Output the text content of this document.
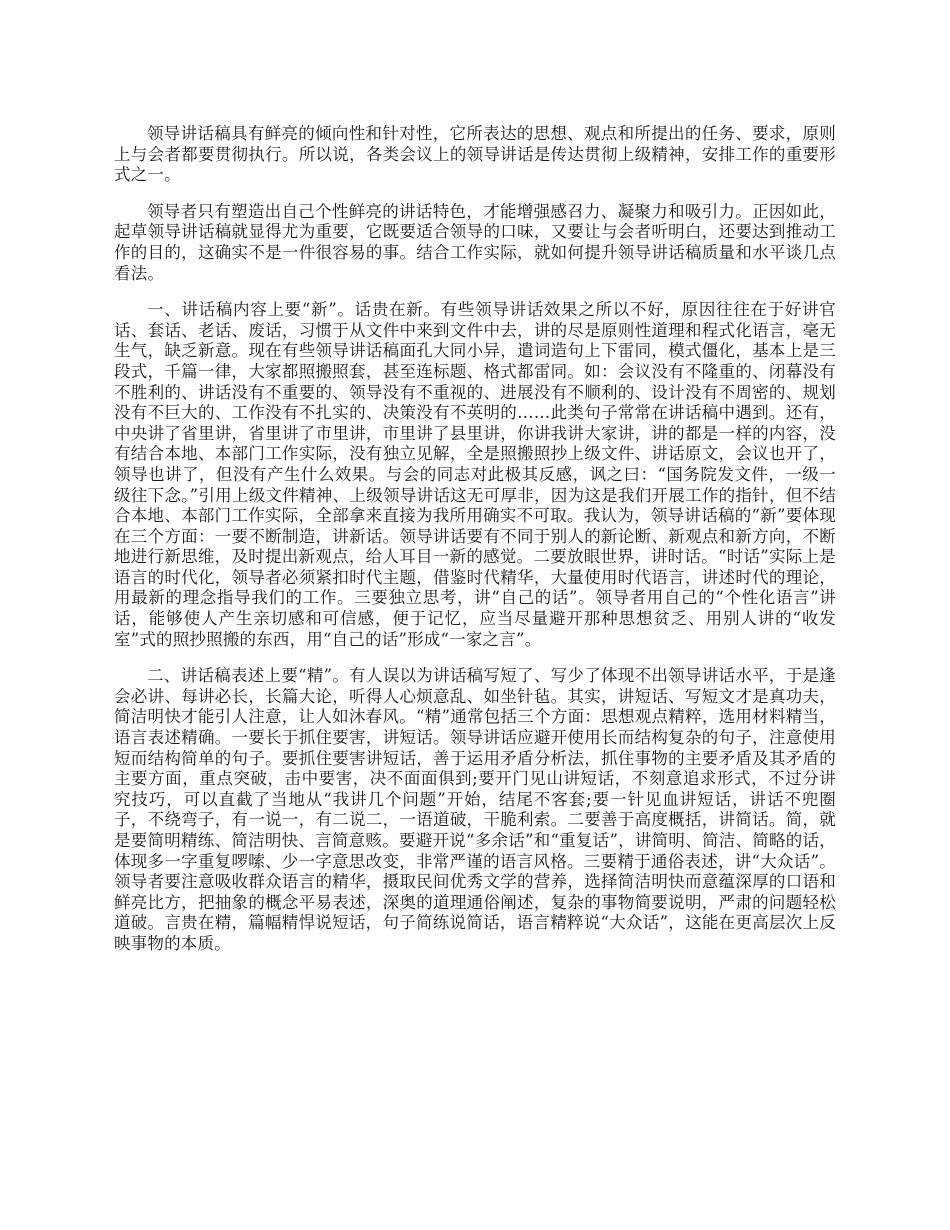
领导讲话稿具有鲜亮的倾向性和针对性，它所表达的思想、观点和所提出的任务、要求，原则上与会者都要贯彻执行。所以说，各类会议上的领导讲话是传达贯彻上级精神，安排工作的重要形式之一。

领导者只有塑造出自己个性鲜亮的讲话特色，才能增强感召力、凝聚力和吸引力。正因如此，起草领导讲话稿就显得尤为重要，它既要适合领导的口味，又要让与会者听明白，还要达到推动工作的目的，这确实不是一件很容易的事。结合工作实际，就如何提升领导讲话稿质量和水平谈几点看法。

一、讲话稿内容上要“新”。话贵在新。有些领导讲话效果之所以不好，原因往往在于好讲官话、套话、老话、废话，习惯于从文件中来到文件中去，讲的尽是原则性道理和程式化语言，毫无生气，缺乏新意。现在有些领导讲话稿面孔大同小异，遣词造句上下雷同，模式僵化，基本上是三段式，千篇一律，大家都照搬照套，甚至连标题、格式都雷同。如：会议没有不隆重的、闭幕没有不胜利的、讲话没有不重要的、领导没有不重视的、进展没有不顺利的、设计没有不周密的、规划没有不巨大的、工作没有不扎实的、决策没有不英明的……此类句子常常在讲话稿中遇到。还有，中央讲了省里讲，省里讲了市里讲，市里讲了县里讲，你讲我讲大家讲，讲的都是一样的内容，没有结合本地、本部门工作实际，没有独立见解，全是照搬照抄上级文件、讲话原文，会议也开了，领导也讲了，但没有产生什么效果。与会的同志对此极其反感，讽之曰：“国务院发文件，一级一级往下念。”引用上级文件精神、上级领导讲话这无可厚非，因为这是我们开展工作的指针，但不结合本地、本部门工作实际，全部拿来直接为我所用确实不可取。我认为，领导讲话稿的“新”要体现在三个方面：一要不断制造，讲新话。领导讲话要有不同于别人的新论断、新观点和新方向，不断地进行新思维，及时提出新观点，给人耳目一新的感觉。二要放眼世界，讲时话。“时话”实际上是语言的时代化，领导者必须紧扣时代主题，借鉴时代精华，大量使用时代语言，讲述时代的理论，用最新的理念指导我们的工作。三要独立思考，讲“自己的话”。领导者用自己的“个性化语言”讲话，能够使人产生亲切感和可信感，便于记忆，应当尽量避开那种思想贫乏、用别人讲的“收发室”式的照抄照搬的东西，用“自己的话”形成“一家之言”。

二、讲话稿表述上要“精”。有人误以为讲话稿写短了、写少了体现不出领导讲话水平，于是逢会必讲、每讲必长，长篇大论，听得人心烦意乱、如坐针毡。其实，讲短话、写短文才是真功夫，简洁明快才能引人注意，让人如沐春风。“精”通常包括三个方面：思想观点精粹，选用材料精当，语言表述精确。一要长于抓住要害，讲短话。领导讲话应避开使用长而结构复杂的句子，注意使用短而结构简单的句子。要抓住要害讲短话，善于运用矛盾分析法，抓住事物的主要矛盾及其矛盾的主要方面，重点突破，击中要害，决不面面俱到;要开门见山讲短话，不刻意追求形式，不过分讲究技巧，可以直截了当地从“我讲几个问题”开始，结尾不客套;要一针见血讲短话，讲话不兜圈子，不绕弯子，有一说一，有二说二，一语道破，干脆利索。二要善于高度概括，讲简话。简，就是要简明精练、简洁明快、言简意赅。要避开说“多余话”和“重复话”，讲简明、简洁、简略的话，体现多一字重复啰嗦、少一字意思改变，非常严谨的语言风格。三要精于通俗表述，讲“大众话”。领导者要注意吸收群众语言的精华，摄取民间优秀文学的营养，选择简洁明快而意蕴深厚的口语和鲜亮比方，把抽象的概念平易表述，深奥的道理通俗阐述，复杂的事物简要说明，严肃的问题轻松道破。言贵在精，篇幅精悍说短话，句子简练说简话，语言精粹说“大众话”，这能在更高层次上反映事物的本质。
